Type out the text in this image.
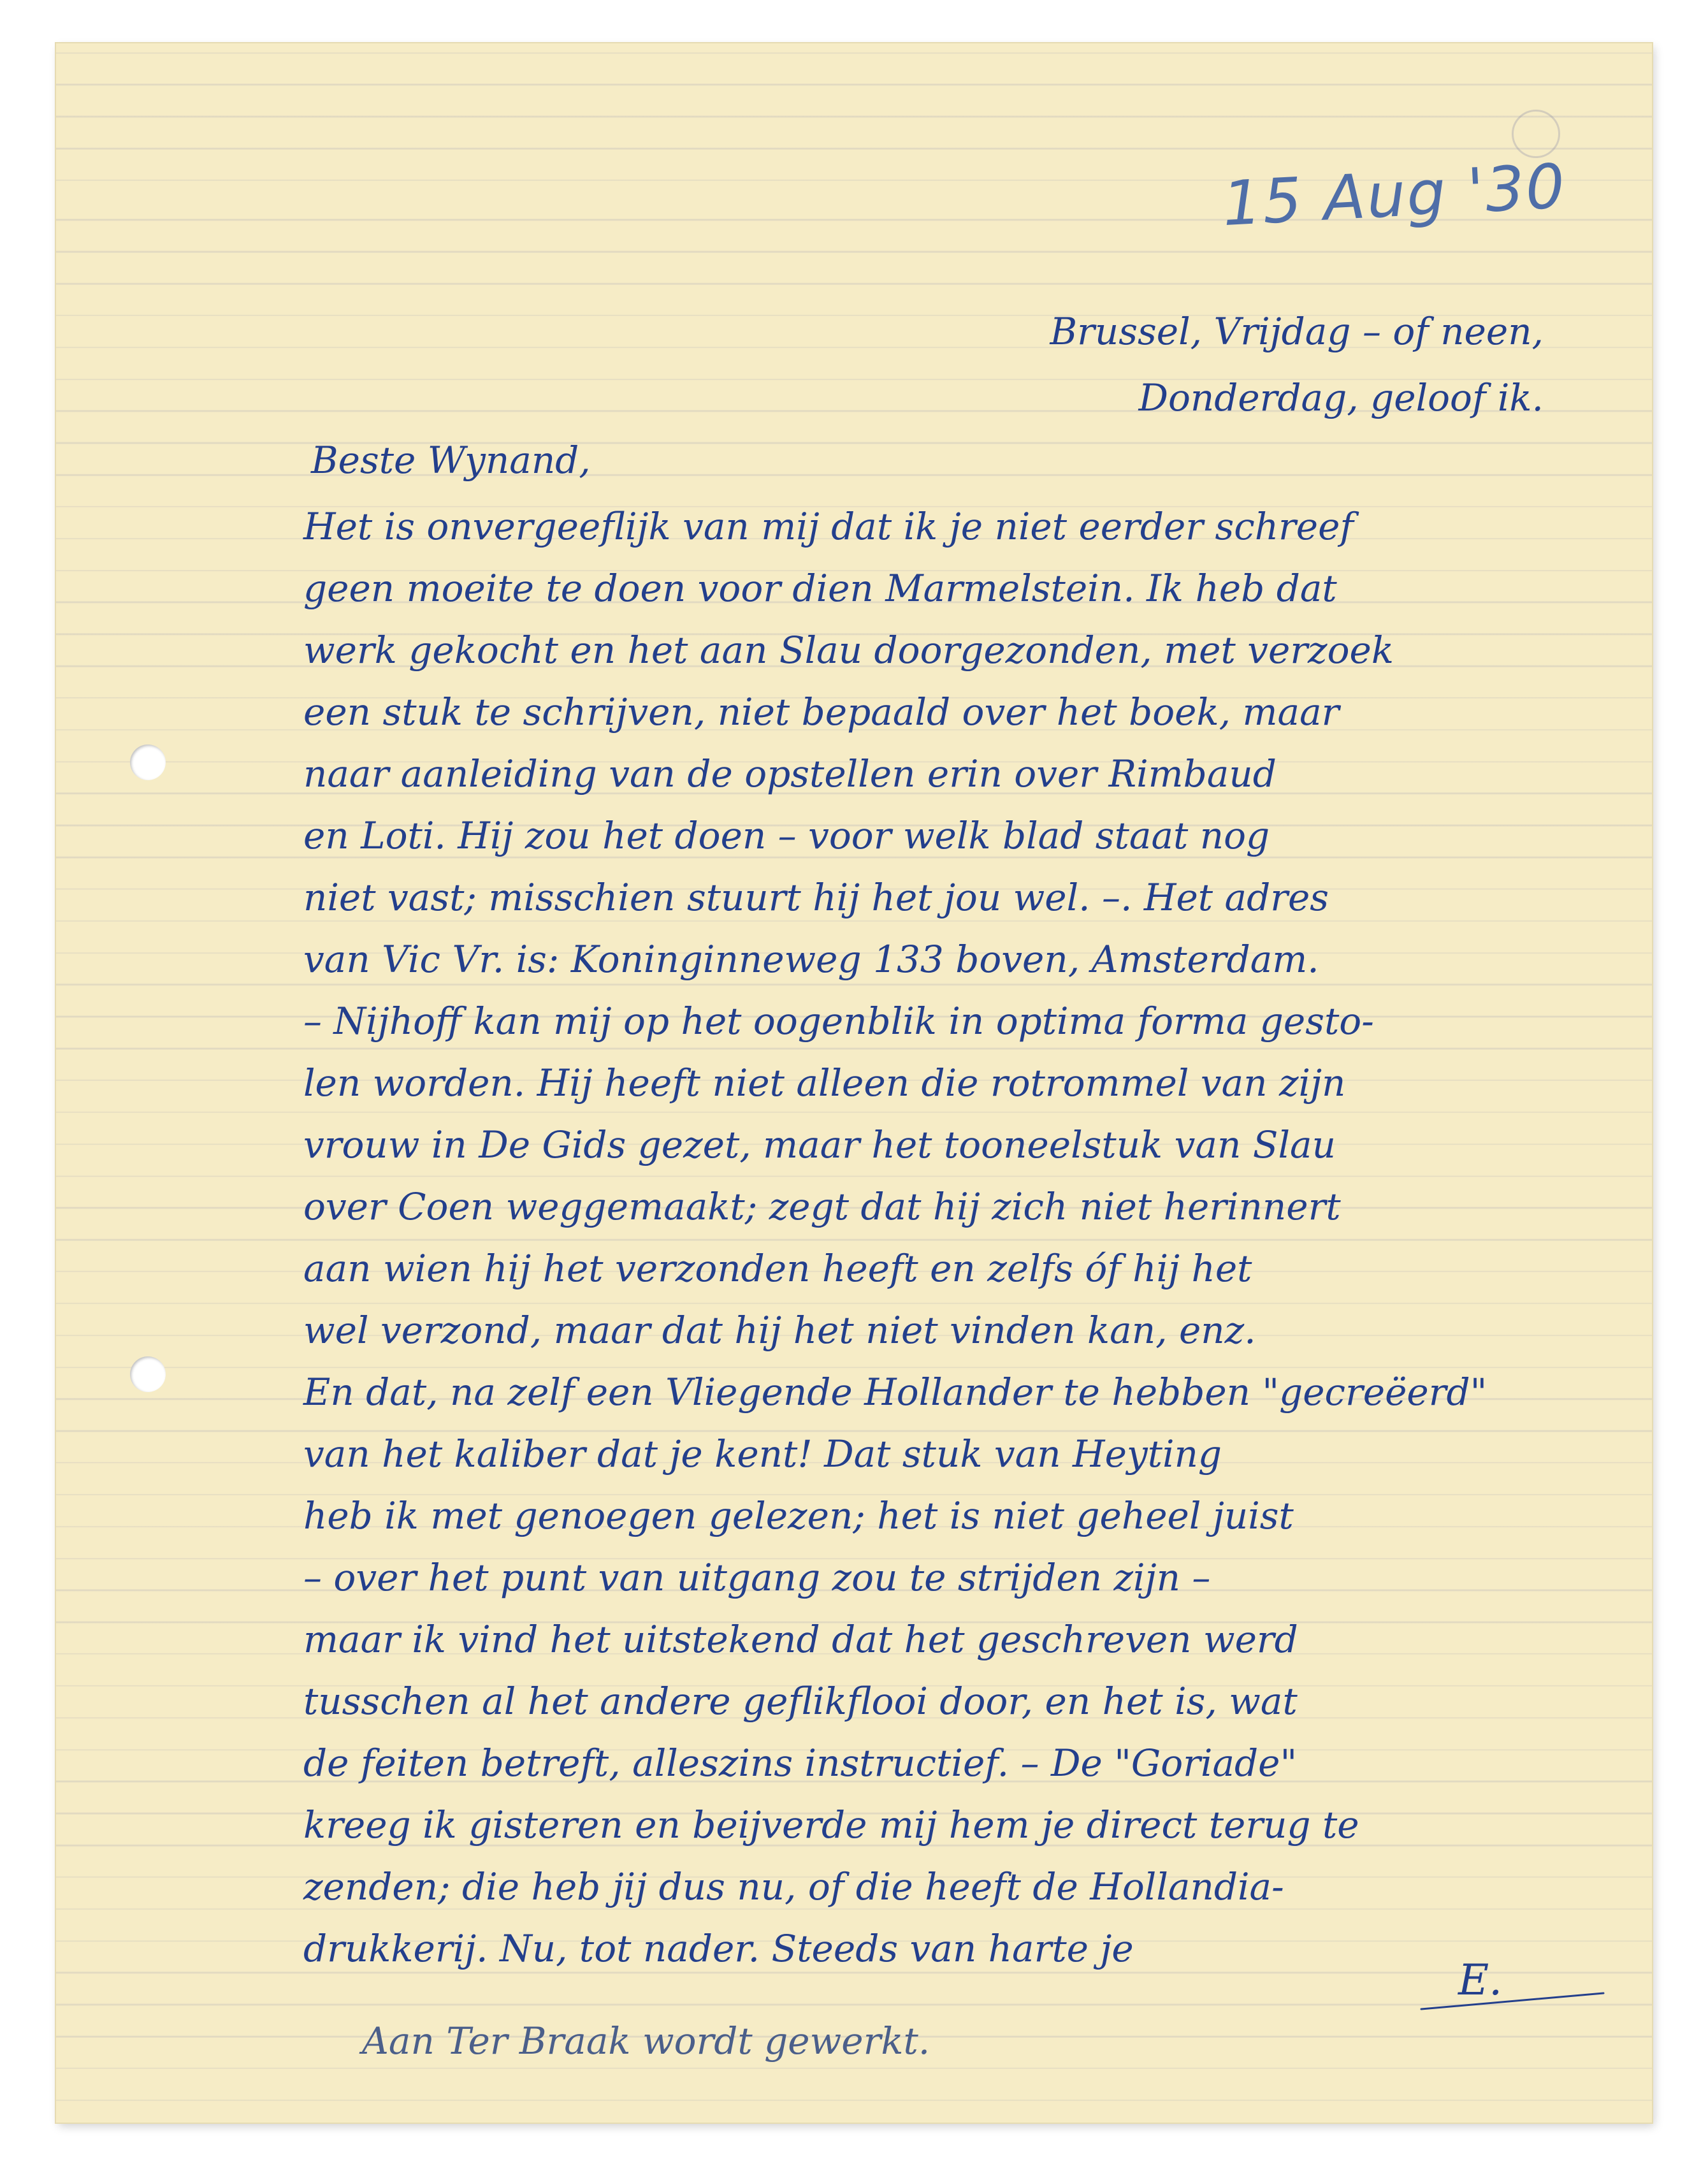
15 Aug '30
Brussel, Vrijdag – of neen,
Donderdag, geloof ik.
Beste Wynand,
Het is onvergeeflijk van mij dat ik je niet eerder schreef
geen moeite te doen voor dien Marmelstein. Ik heb dat
werk gekocht en het aan Slau doorgezonden, met verzoek
een stuk te schrijven, niet bepaald over het boek, maar
naar aanleiding van de opstellen erin over Rimbaud
en Loti. Hij zou het doen – voor welk blad staat nog
niet vast; misschien stuurt hij het jou wel. –. Het adres
van Vic Vr. is: Koninginneweg 133 boven, Amsterdam.
– Nijhoff kan mij op het oogenblik in optima forma gesto-
len worden. Hij heeft niet alleen die rotrommel van zijn
vrouw in De Gids gezet, maar het tooneelstuk van Slau
over Coen weggemaakt; zegt dat hij zich niet herinnert
aan wien hij het verzonden heeft en zelfs óf hij het
wel verzond, maar dat hij het niet vinden kan, enz.
En dat, na zelf een Vliegende Hollander te hebben "gecreëerd"
van het kaliber dat je kent! Dat stuk van Heyting
heb ik met genoegen gelezen; het is niet geheel juist
– over het punt van uitgang zou te strijden zijn –
maar ik vind het uitstekend dat het geschreven werd
tusschen al het andere geflikflooi door, en het is, wat
de feiten betreft, alleszins instructief. – De "Goriade"
kreeg ik gisteren en beijverde mij hem je direct terug te
zenden; die heb jij dus nu, of die heeft de Hollandia-
drukkerij. Nu, tot nader. Steeds van harte je
E.
Aan Ter Braak wordt gewerkt.
